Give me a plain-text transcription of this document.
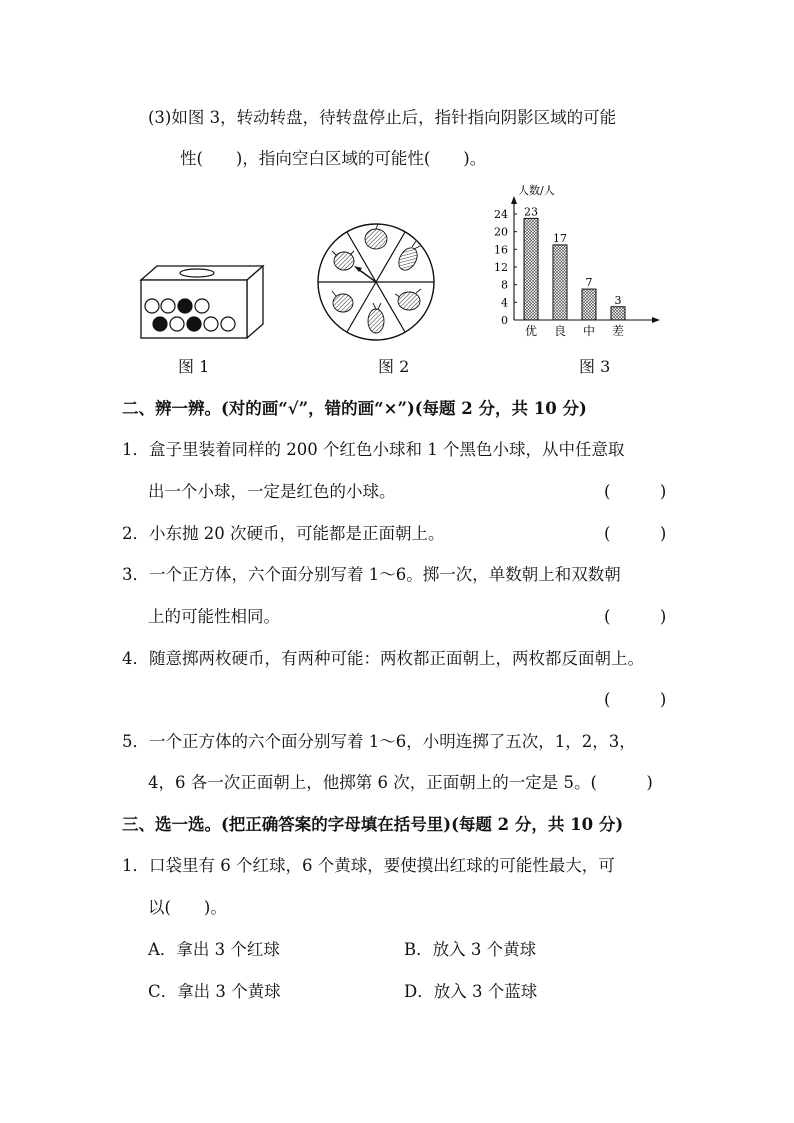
(3)如图 3，转动转盘，待转盘停止后，指针指向阴影区域的可能
性(　　)，指向空白区域的可能性(　　)。
图 1	图 2
0
4
8
12
16
20
24 23
优
17
良
7
中
3
差
人数/人
图 3
二、辨一辨。(对的画“√”，错的画“×”)(每题 2 分，共 10 分)
1．盒子里装着同样的 200 个红色小球和 1 个黑色小球，从中任意取
出一个小球，一定是红色的小球。	(　　　)
2．小东抛 20 次硬币，可能都是正面朝上。	(　　　)
3．一个正方体，六个面分别写着 1～6。掷一次，单数朝上和双数朝
上的可能性相同。	(　　　)
4．随意掷两枚硬币，有两种可能：两枚都正面朝上，两枚都反面朝上。
(　　　)
5．一个正方体的六个面分别写着 1～6，小明连掷了五次，1，2，3，
4，6 各一次正面朝上，他掷第 6 次，正面朝上的一定是 5。(　　　)
三、选一选。(把正确答案的字母填在括号里)(每题 2 分，共 10 分)
1．口袋里有 6 个红球，6 个黄球，要使摸出红球的可能性最大，可
以(　　)。
A．拿出 3 个红球	B．放入 3 个黄球
C．拿出 3 个黄球	D．放入 3 个蓝球
